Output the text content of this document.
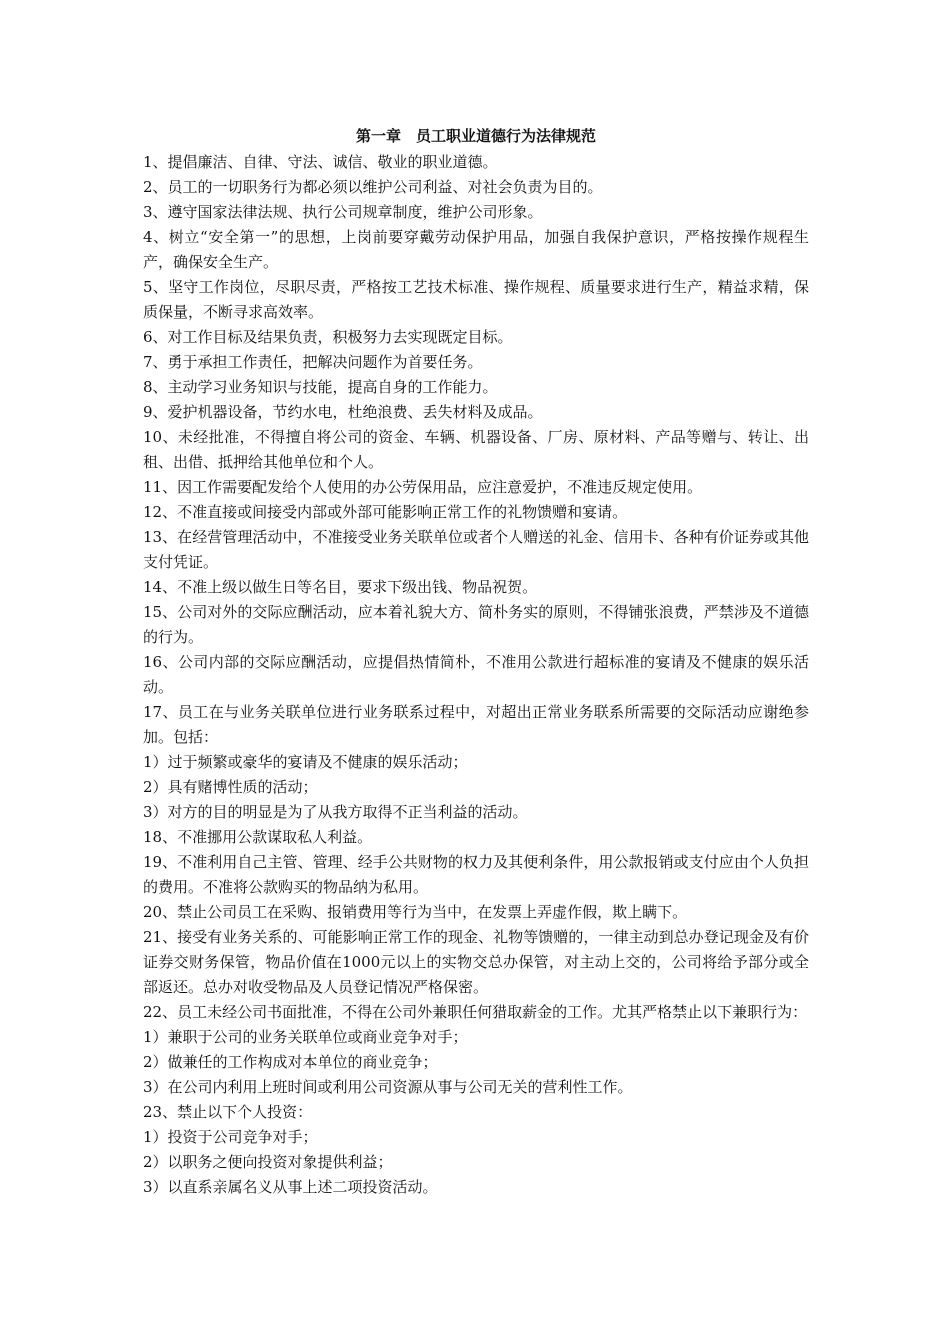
第一章　员工职业道德行为法律规范

1、提倡廉洁、自律、守法、诚信、敬业的职业道德。

2、员工的一切职务行为都必须以维护公司利益、对社会负责为目的。

3、遵守国家法律法规、执行公司规章制度，维护公司形象。

4、树立“安全第一”的思想，上岗前要穿戴劳动保护用品，加强自我保护意识，严格按操作规程生产，确保安全生产。

5、坚守工作岗位，尽职尽责，严格按工艺技术标准、操作规程、质量要求进行生产，精益求精，保质保量，不断寻求高效率。

6、对工作目标及结果负责，积极努力去实现既定目标。

7、勇于承担工作责任，把解决问题作为首要任务。

8、主动学习业务知识与技能，提高自身的工作能力。

9、爱护机器设备，节约水电，杜绝浪费、丢失材料及成品。

10、未经批准，不得擅自将公司的资金、车辆、机器设备、厂房、原材料、产品等赠与、转让、出租、出借、抵押给其他单位和个人。

11、因工作需要配发给个人使用的办公劳保用品，应注意爱护，不准违反规定使用。

12、不准直接或间接受内部或外部可能影响正常工作的礼物馈赠和宴请。

13、在经营管理活动中，不准接受业务关联单位或者个人赠送的礼金、信用卡、各种有价证券或其他支付凭证。

14、不准上级以做生日等名目，要求下级出钱、物品祝贺。

15、公司对外的交际应酬活动，应本着礼貌大方、简朴务实的原则，不得铺张浪费，严禁涉及不道德的行为。

16、公司内部的交际应酬活动，应提倡热情简朴，不准用公款进行超标准的宴请及不健康的娱乐活动。

17、员工在与业务关联单位进行业务联系过程中，对超出正常业务联系所需要的交际活动应谢绝参加。包括：

1）过于频繁或豪华的宴请及不健康的娱乐活动；

2）具有赌博性质的活动；

3）对方的目的明显是为了从我方取得不正当利益的活动。

18、不准挪用公款谋取私人利益。

19、不准利用自己主管、管理、经手公共财物的权力及其便利条件，用公款报销或支付应由个人负担的费用。不准将公款购买的物品纳为私用。

20、禁止公司员工在采购、报销费用等行为当中，在发票上弄虚作假，欺上瞒下。

21、接受有业务关系的、可能影响正常工作的现金、礼物等馈赠的，一律主动到总办登记现金及有价证券交财务保管，物品价值在1000元以上的实物交总办保管，对主动上交的，公司将给予部分或全部返还。总办对收受物品及人员登记情况严格保密。

22、员工未经公司书面批准，不得在公司外兼职任何猎取薪金的工作。尤其严格禁止以下兼职行为：

1）兼职于公司的业务关联单位或商业竞争对手；

2）做兼任的工作构成对本单位的商业竞争；

3）在公司内利用上班时间或利用公司资源从事与公司无关的营利性工作。

23、禁止以下个人投资：

1）投资于公司竞争对手；

2）以职务之便向投资对象提供利益；

3）以直系亲属名义从事上述二项投资活动。
